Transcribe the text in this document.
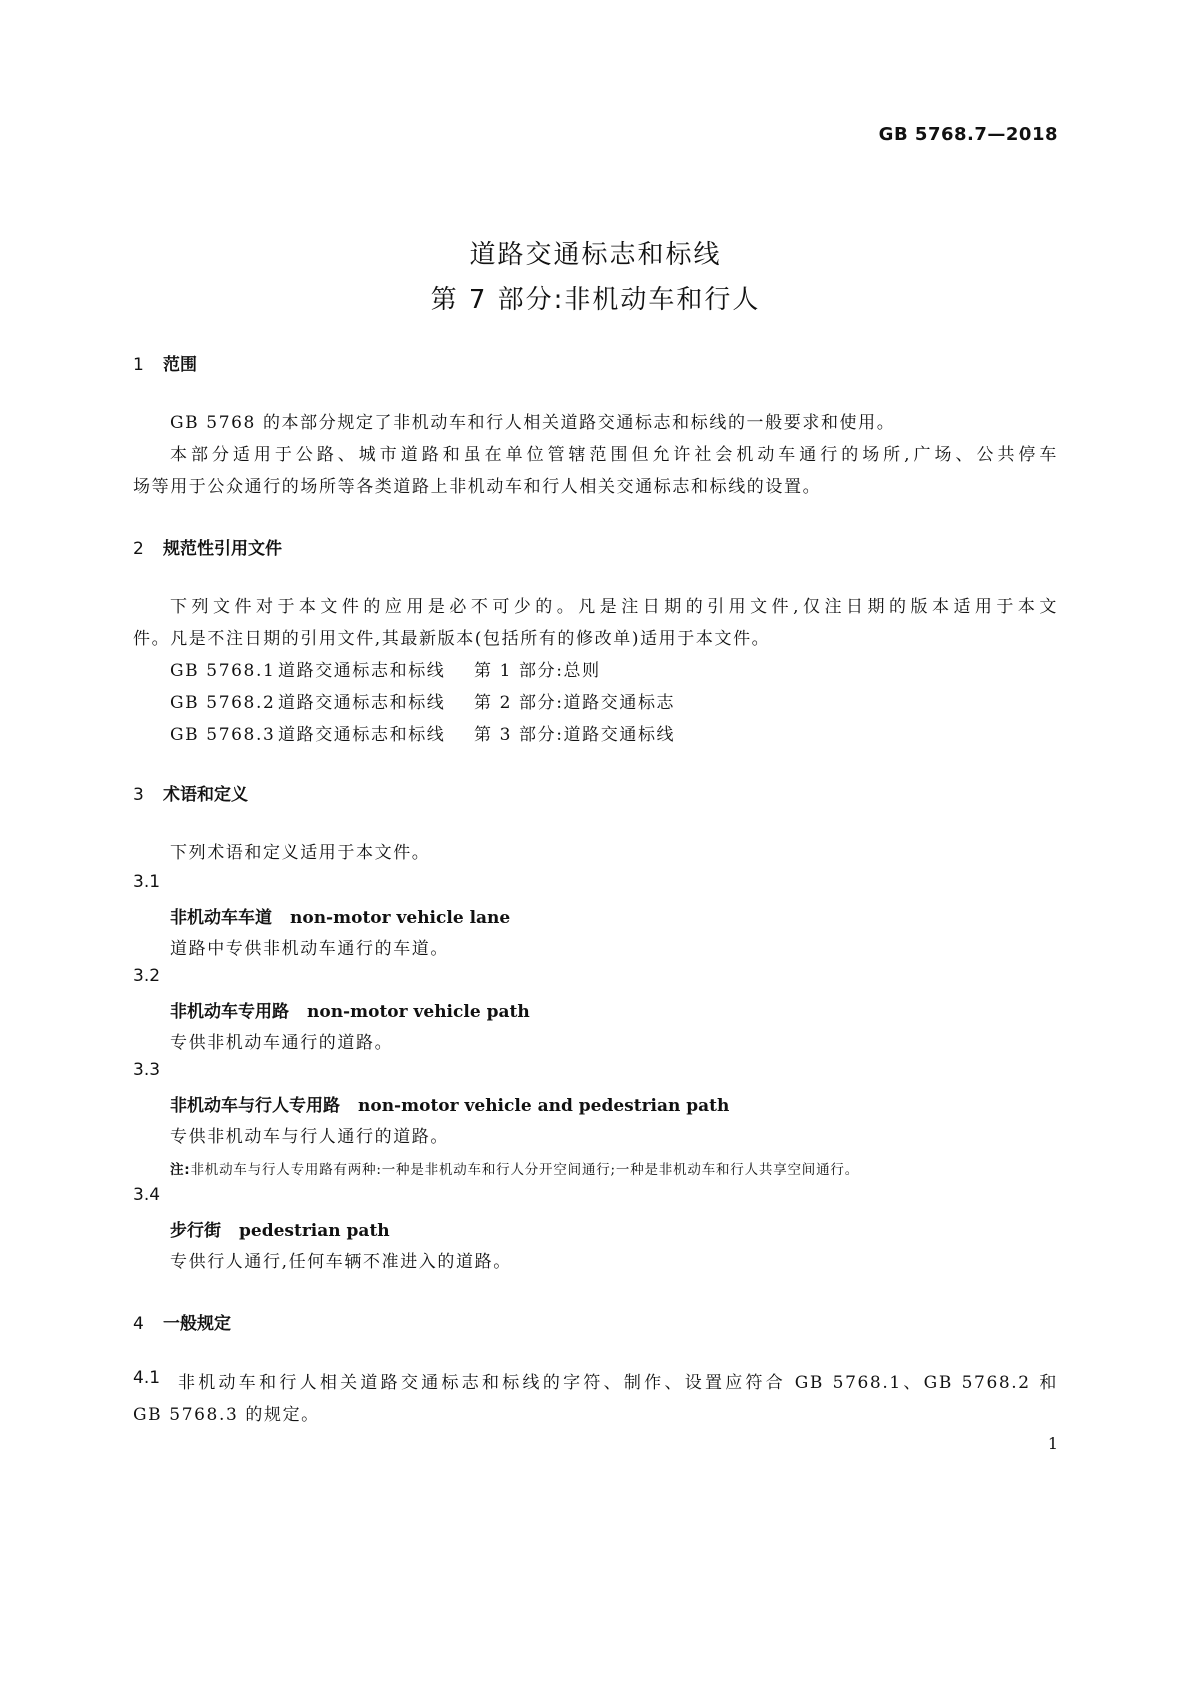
GB 5768.7—2018
道路交通标志和标线
第 7 部分:非机动车和行人
1 范围
GB 5768 的本部分规定了非机动车和行人相关道路交通标志和标线的一般要求和使用。
本部分适用于公路、城市道路和虽在单位管辖范围但允许社会机动车通行的场所,广场、公共停车
场等用于公众通行的场所等各类道路上非机动车和行人相关交通标志和标线的设置。
2 规范性引用文件
下列文件对于本文件的应用是必不可少的。凡是注日期的引用文件,仅注日期的版本适用于本文
件。凡是不注日期的引用文件,其最新版本(包括所有的修改单)适用于本文件。
GB 5768.1 道路交通标志和标线 第 1 部分:总则
GB 5768.2 道路交通标志和标线 第 2 部分:道路交通标志
GB 5768.3 道路交通标志和标线 第 3 部分:道路交通标线
3 术语和定义
下列术语和定义适用于本文件。
3.1
非机动车车道 non-motor vehicle lane
道路中专供非机动车通行的车道。
3.2
非机动车专用路 non-motor vehicle path
专供非机动车通行的道路。
3.3
非机动车与行人专用路 non-motor vehicle and pedestrian path
专供非机动车与行人通行的道路。
注:非机动车与行人专用路有两种:一种是非机动车和行人分开空间通行;一种是非机动车和行人共享空间通行。
3.4
步行街 pedestrian path
专供行人通行,任何车辆不准进入的道路。
4 一般规定
4.1 非机动车和行人相关道路交通标志和标线的字符、制作、设置应符合 GB 5768.1、GB 5768.2 和
GB 5768.3 的规定。
1
